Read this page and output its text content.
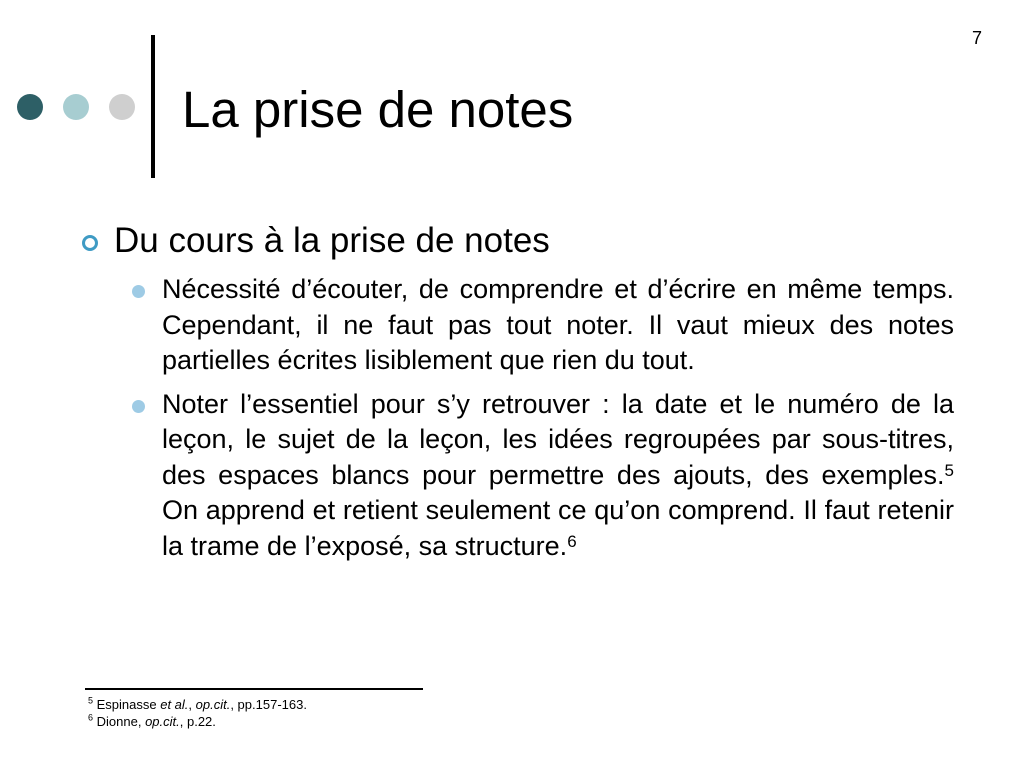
7
La prise de notes
Du cours à la prise de notes
Nécessité d’écouter, de comprendre et d’écrire en même temps. Cependant, il ne faut pas tout noter. Il vaut mieux des notes partielles écrites lisiblement que rien du tout.
Noter l’essentiel pour s’y retrouver : la date et le numéro de la leçon, le sujet de la leçon, les idées regroupées par sous-titres, des espaces blancs pour permettre des ajouts, des exemples.$^5$ On apprend et retient seulement ce qu’on comprend. Il faut retenir la trame de l’exposé, sa structure.$^6$
$^5$ Espinasse et al., op.cit., pp.157-163.
$^6$ Dionne, op.cit., p.22.
